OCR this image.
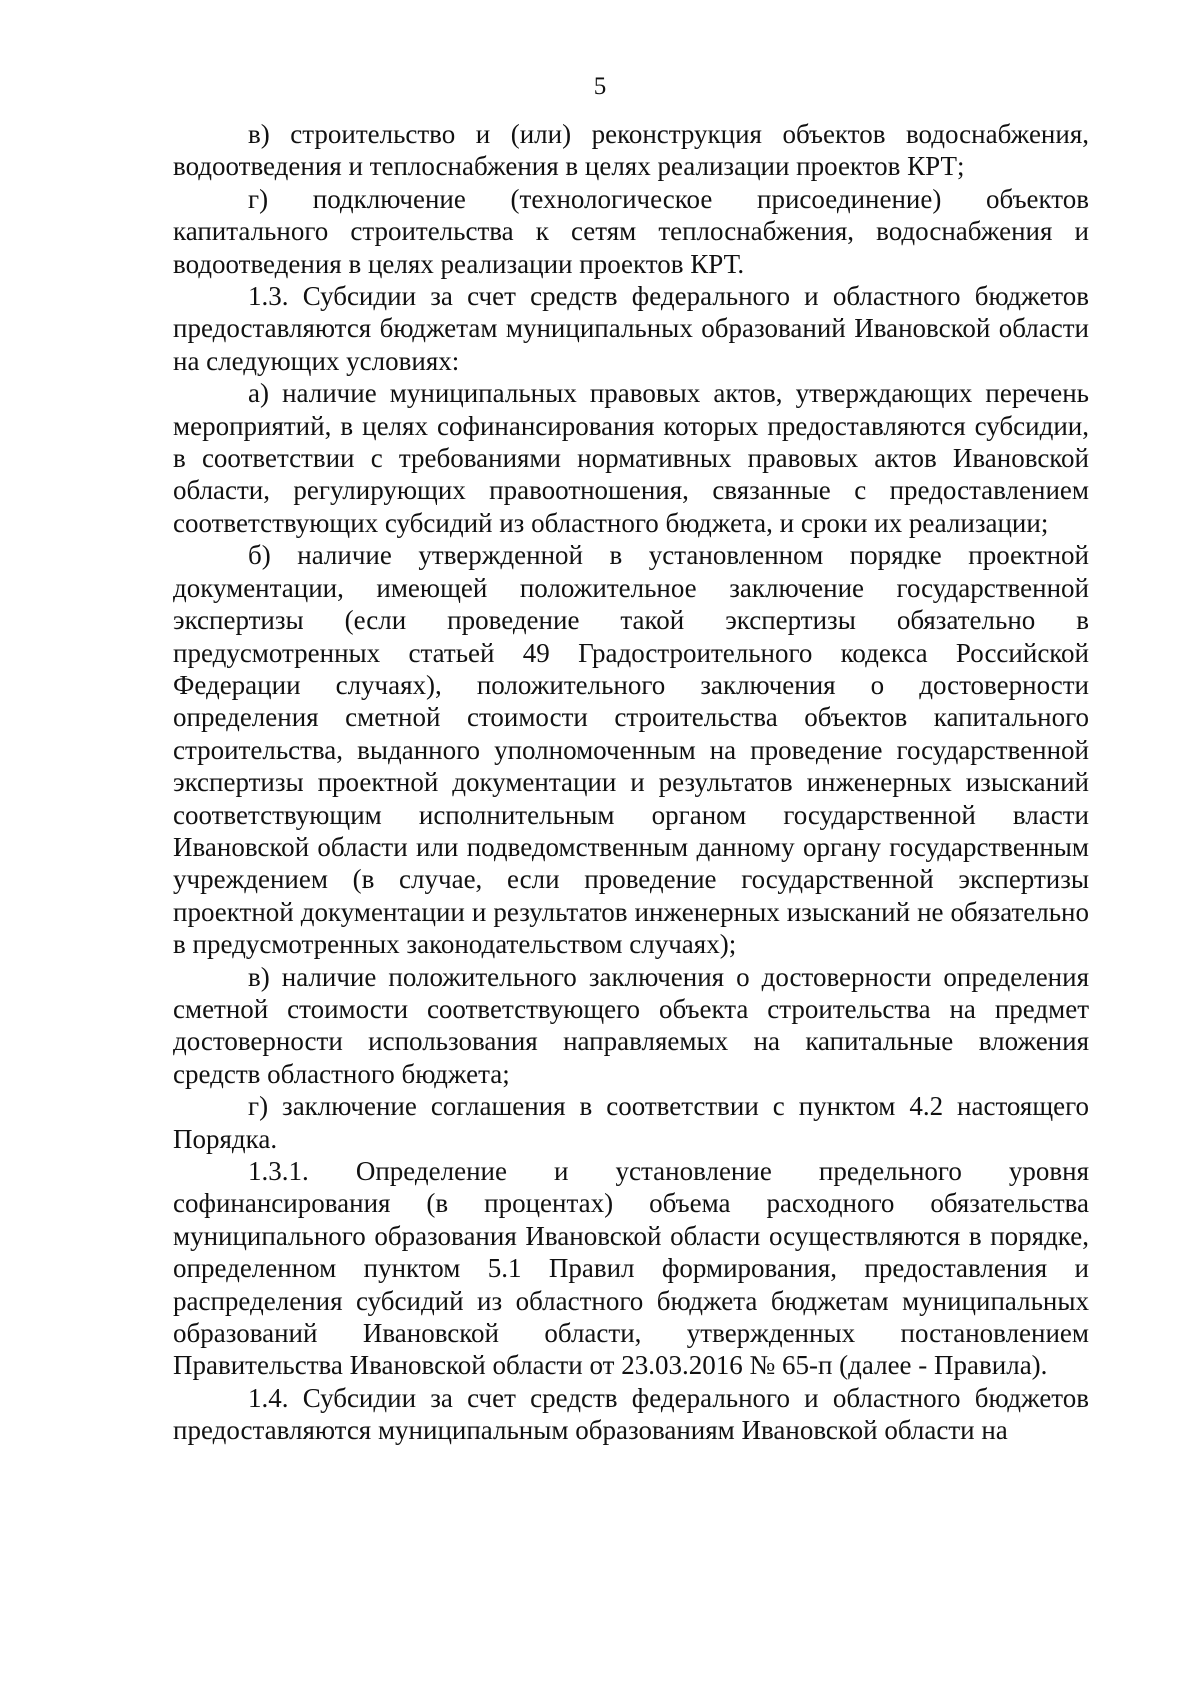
5

в) строительство и (или) реконструкция объектов водоснабжения, водоотведения и теплоснабжения в целях реализации проектов КРТ;

г) подключение (технологическое присоединение) объектов капитального строительства к сетям теплоснабжения, водоснабжения и водоотведения в целях реализации проектов КРТ.

1.3. Субсидии за счет средств федерального и областного бюджетов предоставляются бюджетам муниципальных образований Ивановской области на следующих условиях:

а) наличие муниципальных правовых актов, утверждающих перечень мероприятий, в целях софинансирования которых предоставляются субсидии, в соответствии с требованиями нормативных правовых актов Ивановской области, регулирующих правоотношения, связанные с предоставлением соответствующих субсидий из областного бюджета, и сроки их реализации;

б) наличие утвержденной в установленном порядке проектной документации, имеющей положительное заключение государственной экспертизы (если проведение такой экспертизы обязательно в предусмотренных статьей 49 Градостроительного кодекса Российской Федерации случаях), положительного заключения о достоверности определения сметной стоимости строительства объектов капитального строительства, выданного уполномоченным на проведение государственной экспертизы проектной документации и результатов инженерных изысканий соответствующим исполнительным органом государственной власти Ивановской области или подведомственным данному органу государственным учреждением (в случае, если проведение государственной экспертизы проектной документации и результатов инженерных изысканий не обязательно в предусмотренных законодательством случаях);

в) наличие положительного заключения о достоверности определения сметной стоимости соответствующего объекта строительства на предмет достоверности использования направляемых на капитальные вложения средств областного бюджета;

г) заключение соглашения в соответствии с пунктом 4.2 настоящего Порядка.

1.3.1. Определение и установление предельного уровня софинансирования (в процентах) объема расходного обязательства муниципального образования Ивановской области осуществляются в порядке, определенном пунктом 5.1 Правил формирования, предоставления и распределения субсидий из областного бюджета бюджетам муниципальных образований Ивановской области, утвержденных постановлением Правительства Ивановской области от 23.03.2016 № 65-п (далее - Правила).

1.4. Субсидии за счет средств федерального и областного бюджетов предоставляются муниципальным образованиям Ивановской области на
